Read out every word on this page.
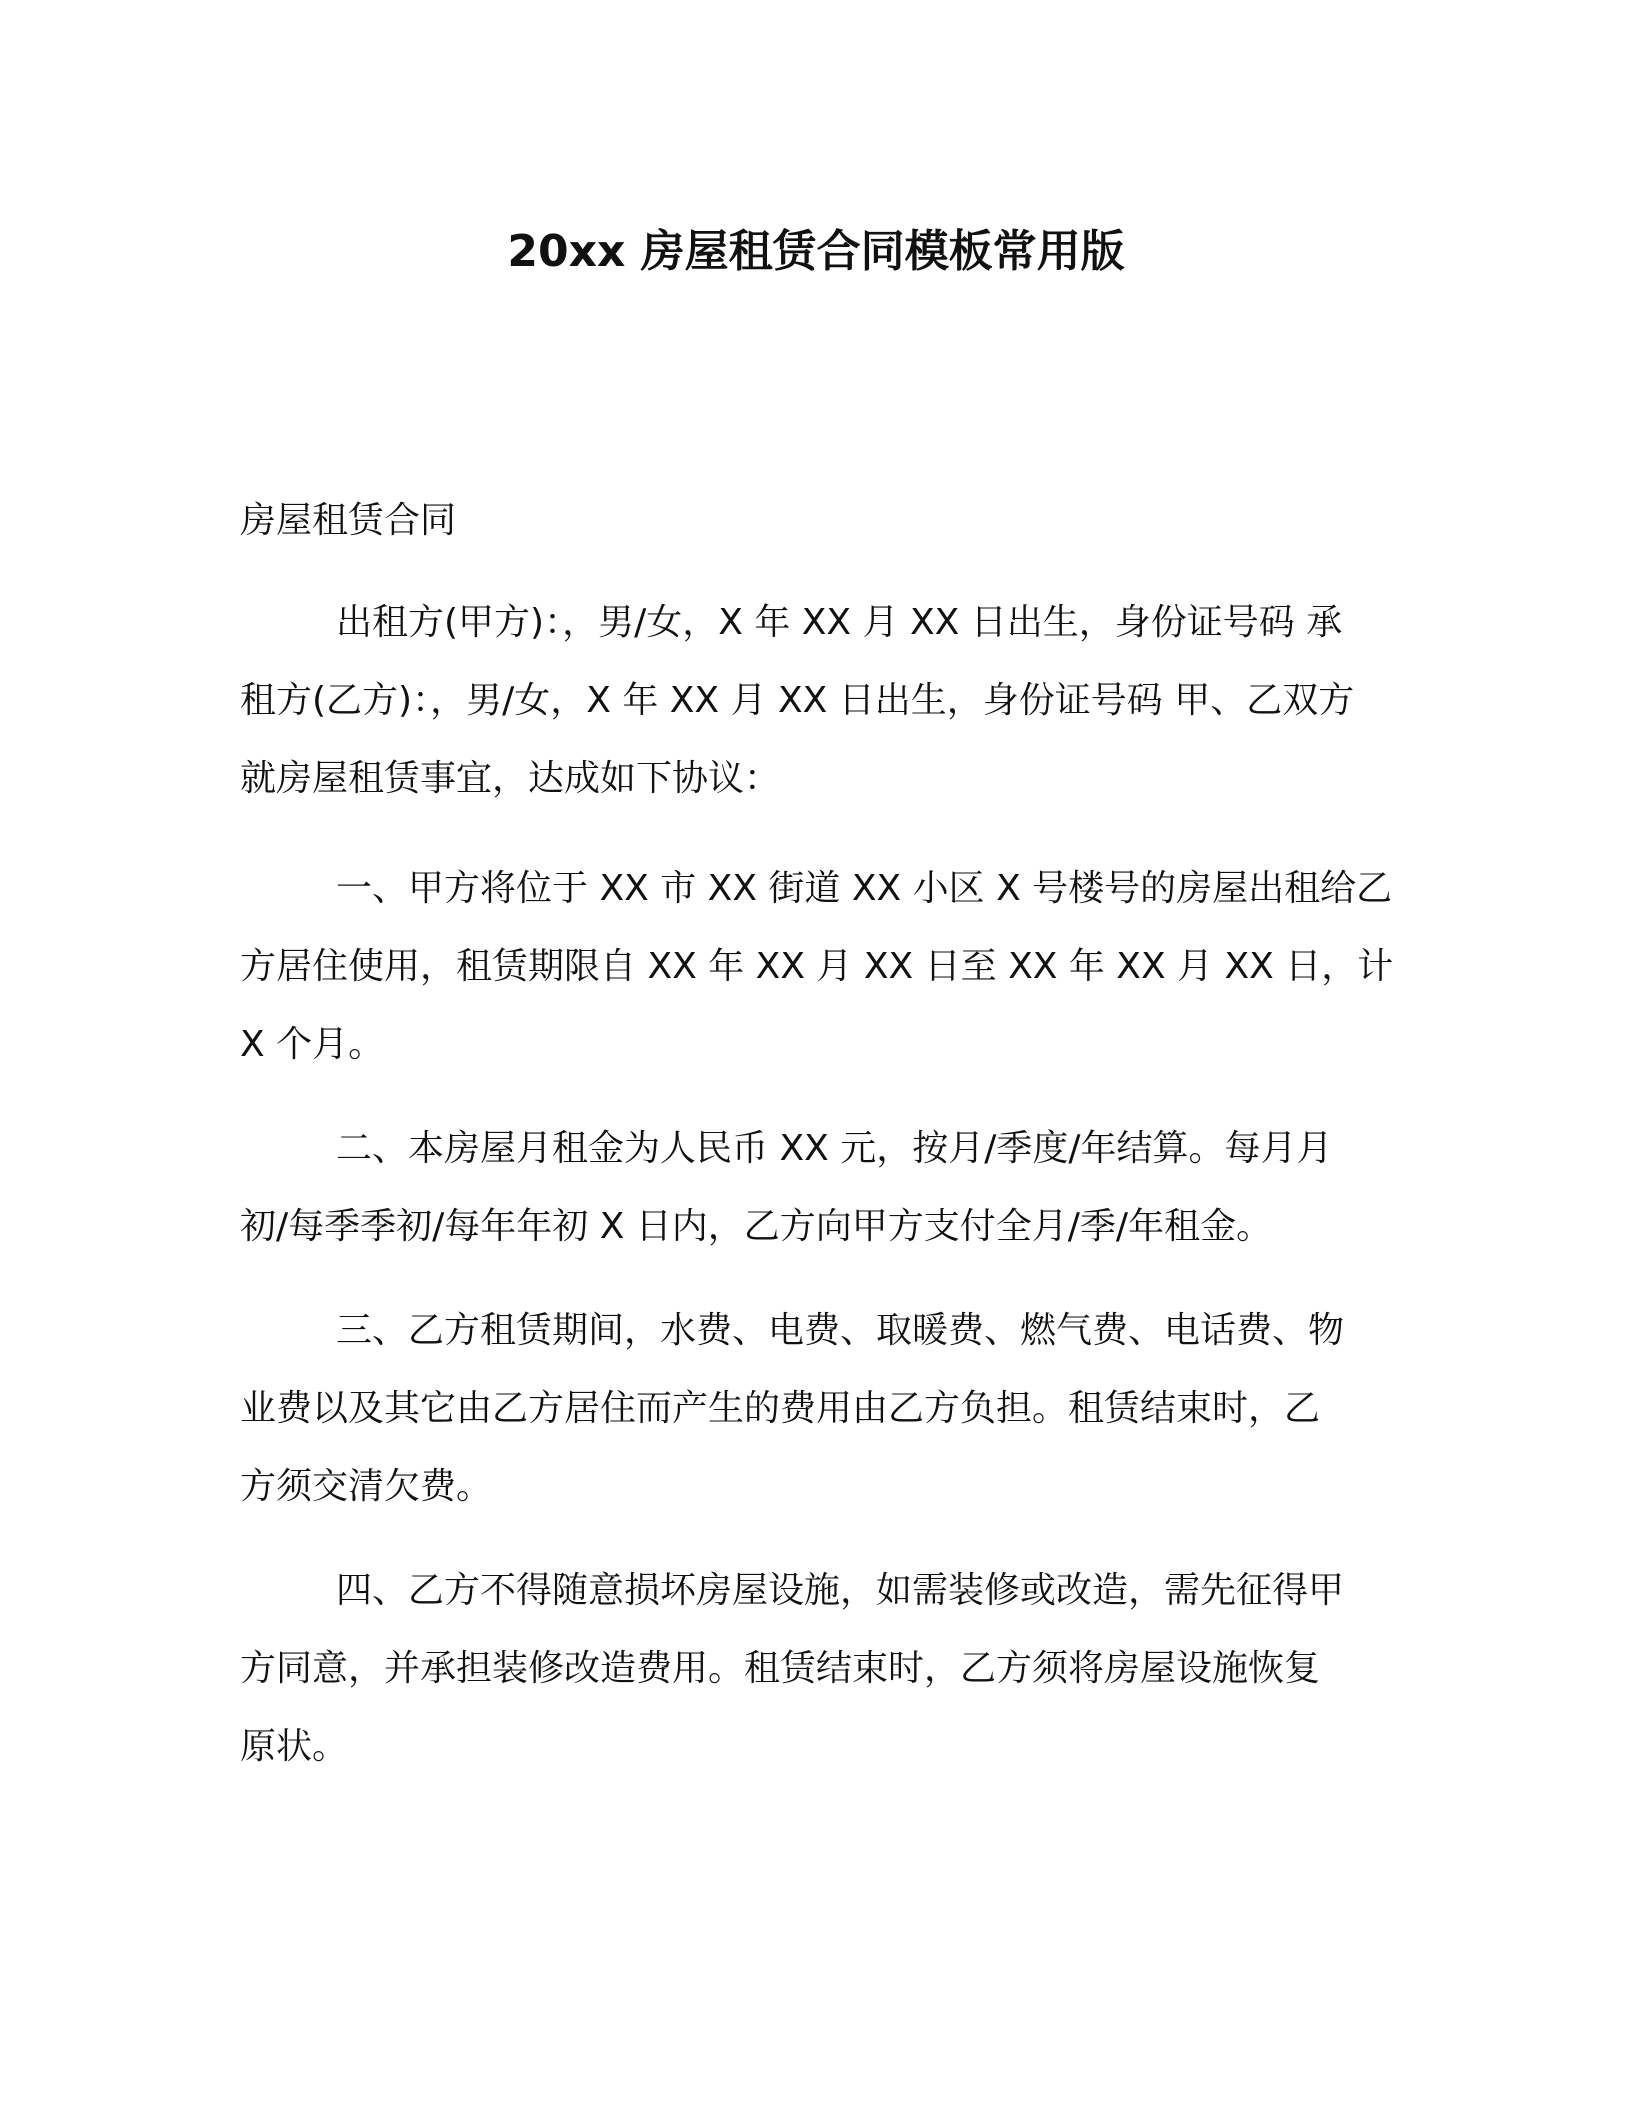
20xx 房屋租赁合同模板常用版
房屋租赁合同
出租方(甲方)：，男/女，X 年 XX 月 XX 日出生，身份证号码 承
租方(乙方)：，男/女，X 年 XX 月 XX 日出生，身份证号码 甲、乙双方
就房屋租赁事宜，达成如下协议：
一、甲方将位于 XX 市 XX 街道 XX 小区 X 号楼号的房屋出租给乙
方居住使用，租赁期限自 XX 年 XX 月 XX 日至 XX 年 XX 月 XX 日，计
X 个月。
二、本房屋月租金为人民币 XX 元，按月/季度/年结算。每月月
初/每季季初/每年年初 X 日内，乙方向甲方支付全月/季/年租金。
三、乙方租赁期间，水费、电费、取暖费、燃气费、电话费、物
业费以及其它由乙方居住而产生的费用由乙方负担。租赁结束时，乙
方须交清欠费。
四、乙方不得随意损坏房屋设施，如需装修或改造，需先征得甲
方同意，并承担装修改造费用。租赁结束时，乙方须将房屋设施恢复
原状。
